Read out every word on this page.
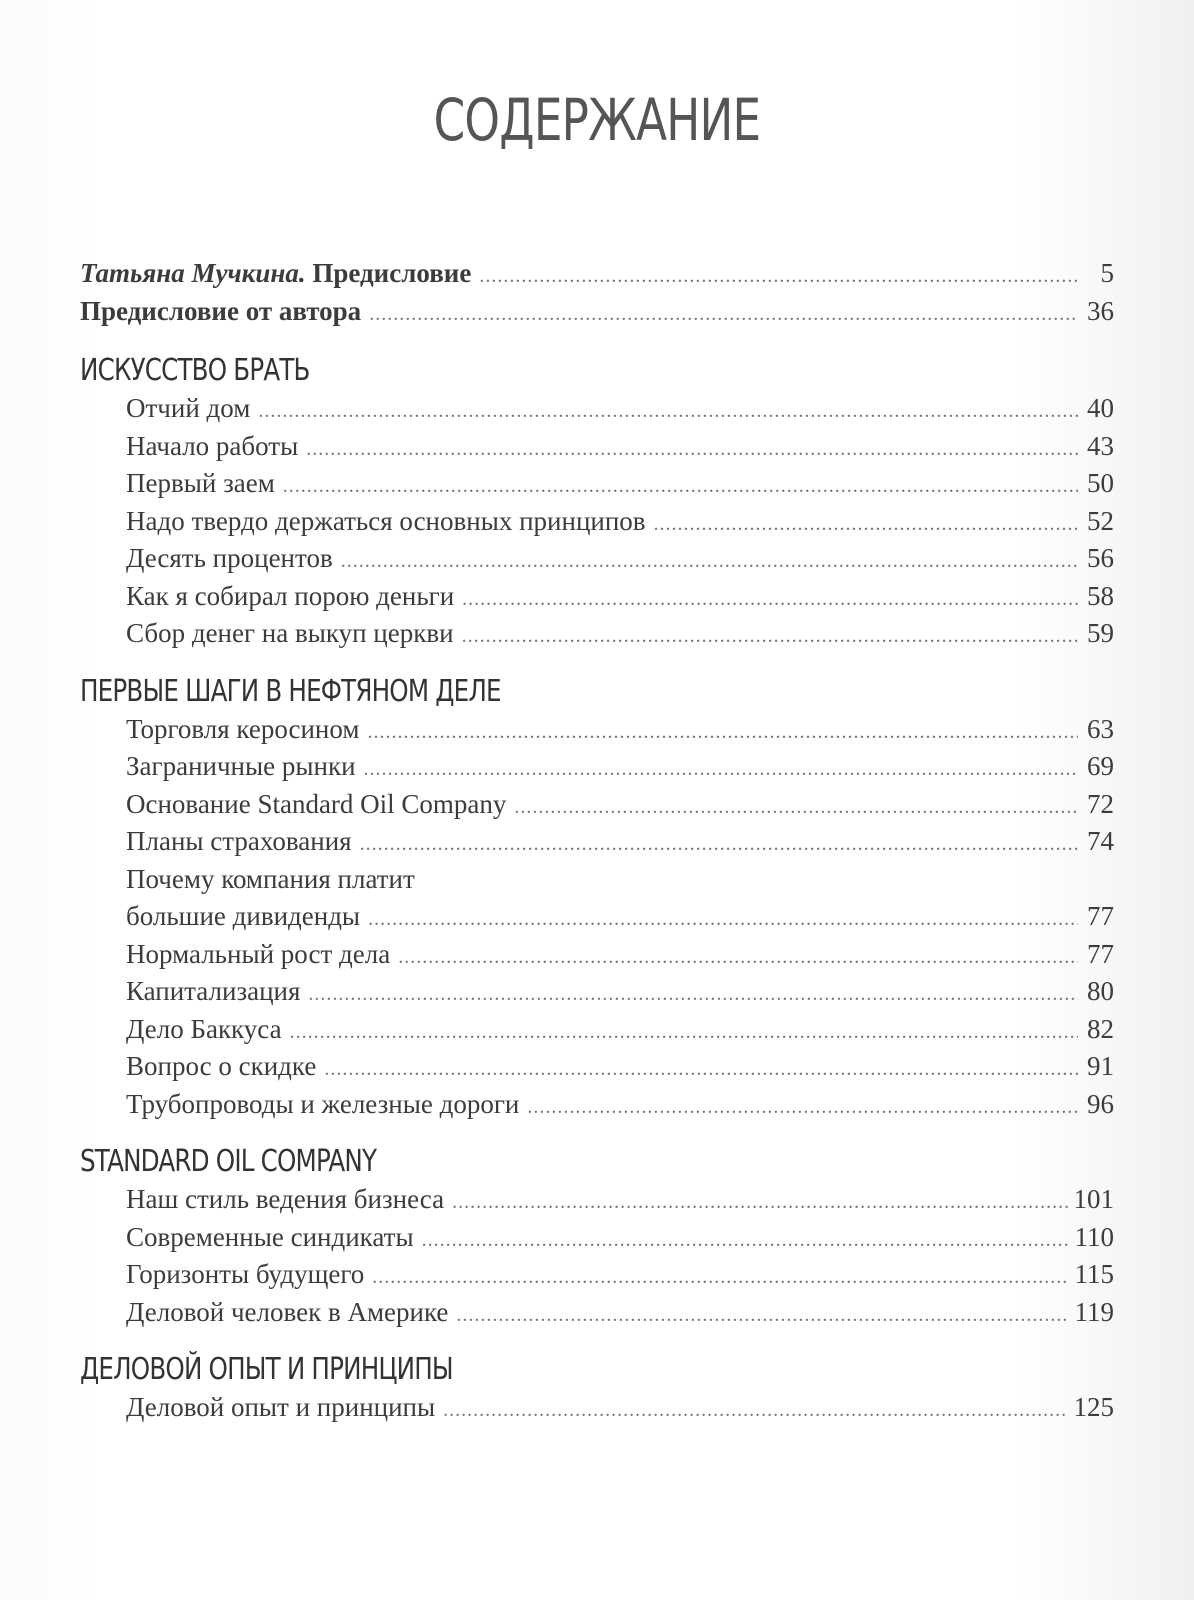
СОДЕРЖАНИЕ
Татьяна Мучкина. Предисловие .....	5
Предисловие от автора .....	36
ИСКУССТВО БРАТЬ
Отчий дом .....	40
Начало работы .....	43
Первый заем .....	50
Надо твердо держаться основных принципов .....	52
Десять процентов .....	56
Как я собирал порою деньги .....	58
Сбор денег на выкуп церкви .....	59
ПЕРВЫЕ ШАГИ В НЕФТЯНОМ ДЕЛЕ
Торговля керосином .....	63
Заграничные рынки .....	69
Основание Standard Oil Company .....	72
Планы страхования .....	74
Почему компания платит
большие дивиденды .....	77
Нормальный рост дела .....	77
Капитализация .....	80
Дело Баккуса .....	82
Вопрос о скидке .....	91
Трубопроводы и железные дороги .....	96
STANDARD OIL COMPANY
Наш стиль ведения бизнеса .....	101
Современные синдикаты .....	110
Горизонты будущего .....	115
Деловой человек в Америке .....	119
ДЕЛОВОЙ ОПЫТ И ПРИНЦИПЫ
Деловой опыт и принципы .....	125
